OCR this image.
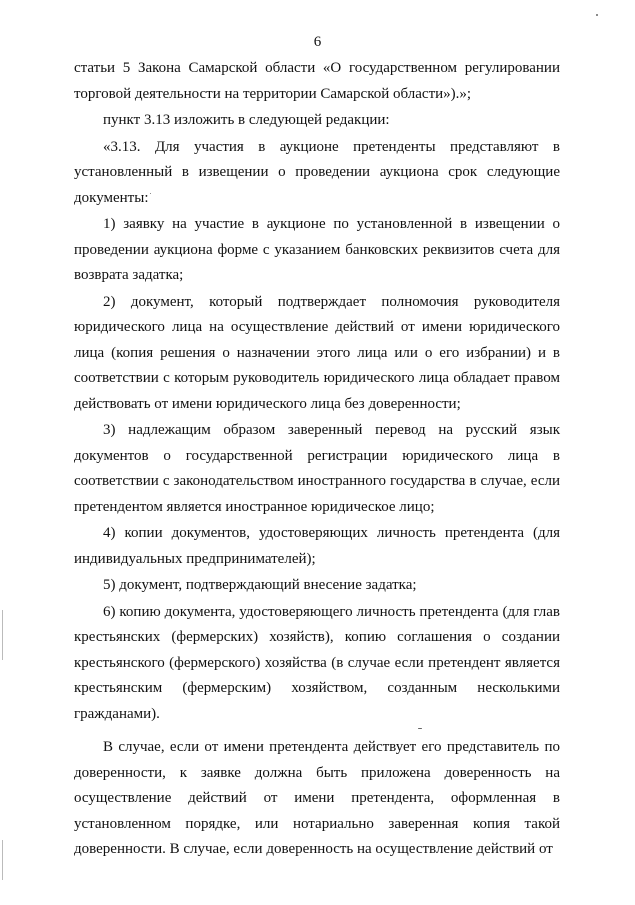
6

статьи 5 Закона Самарской области «О государственном регулировании торговой деятельности на территории Самарской области»).»;

пункт 3.13 изложить в следующей редакции:

«3.13. Для участия в аукционе претенденты представляют в установленный в извещении о проведении аукциона срок следующие документы:

1) заявку на участие в аукционе по установленной в извещении о проведении аукциона форме с указанием банковских реквизитов счета для возврата задатка;

2) документ, который подтверждает полномочия руководителя юридического лица на осуществление действий от имени юридического лица (копия решения о назначении этого лица или о его избрании) и в соответствии с которым руководитель юридического лица обладает правом действовать от имени юридического лица без доверенности;

3) надлежащим образом заверенный перевод на русский язык документов о государственной регистрации юридического лица в соответствии с законодательством иностранного государства в случае, если претендентом является иностранное юридическое лицо;

4) копии документов, удостоверяющих личность претендента (для индивидуальных предпринимателей);

5) документ, подтверждающий внесение задатка;

6) копию документа, удостоверяющего личность претендента (для глав крестьянских (фермерских) хозяйств), копию соглашения о создании крестьянского (фермерского) хозяйства (в случае если претендент является крестьянским (фермерским) хозяйством, созданным несколькими гражданами).

В случае, если от имени претендента действует его представитель по доверенности, к заявке должна быть приложена доверенность на осуществление действий от имени претендента, оформленная в установленном порядке, или нотариально заверенная копия такой доверенности. В случае, если доверенность на осуществление действий от
